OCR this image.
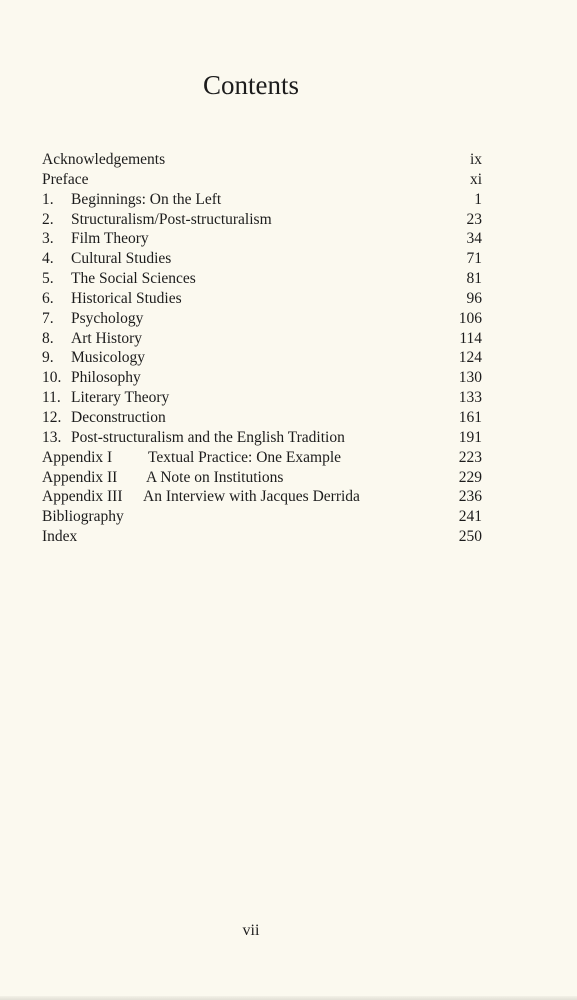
Contents
Acknowledgements	ix
Preface	xi
1.	Beginnings: On the Left	1
2.	Structuralism/Post-structuralism	23
3.	Film Theory	34
4.	Cultural Studies	71
5.	The Social Sciences	81
6.	Historical Studies	96
7.	Psychology	106
8.	Art History	114
9.	Musicology	124
10. Philosophy	130
11. Literary Theory	133
12. Deconstruction	161
13. Post-structuralism and the English Tradition	191
Appendix I	Textual Practice: One Example	223
Appendix II	A Note on Institutions	229
Appendix III	An Interview with Jacques Derrida	236
Bibliography	241
Index	250
vii
